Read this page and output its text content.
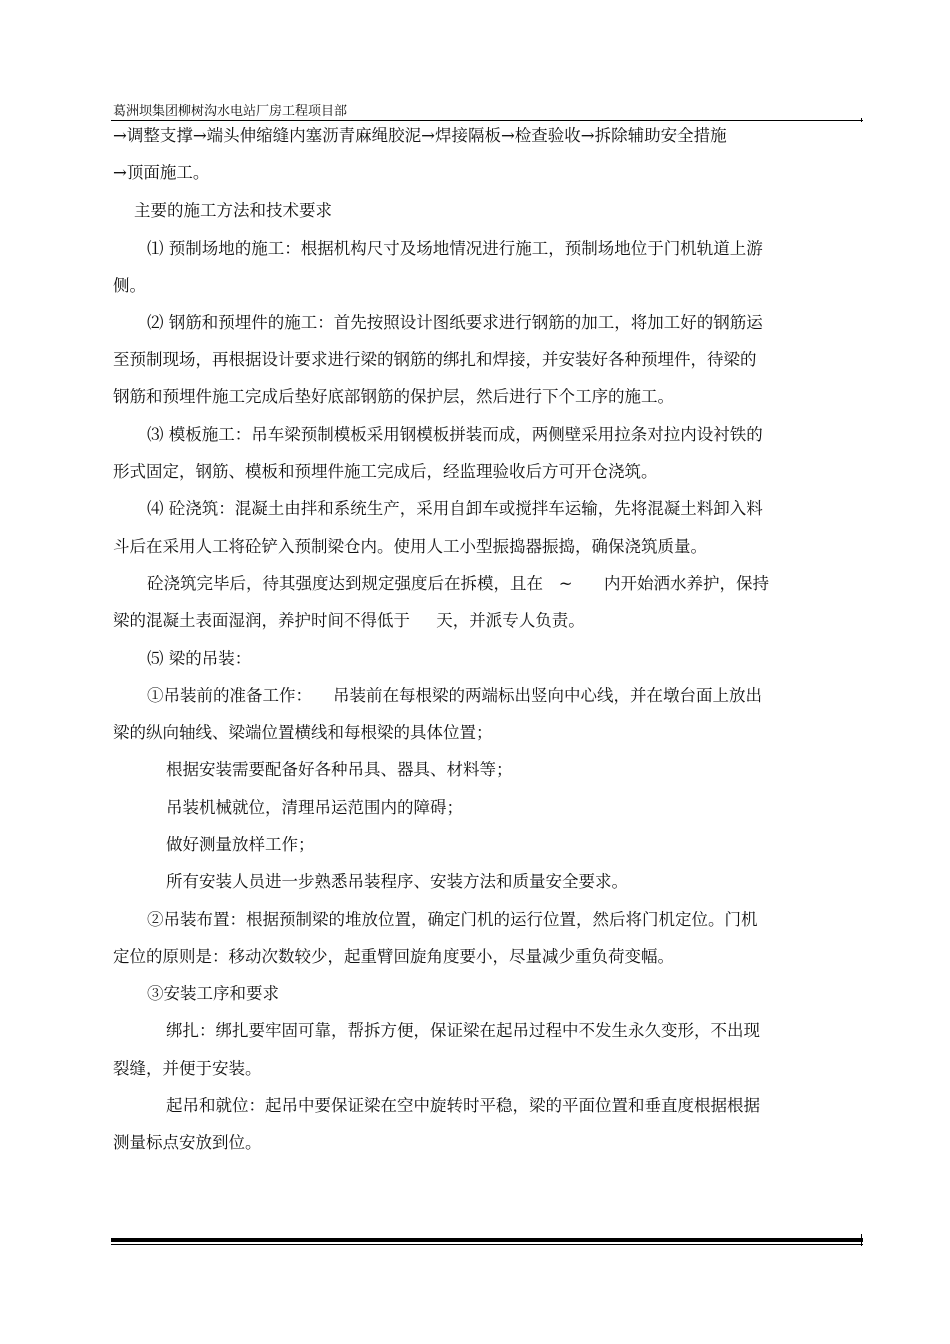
葛洲坝集团柳树沟水电站厂房工程项目部
→调整支撑→端头伸缩缝内塞沥青麻绳胶泥→焊接隔板→检查验收→拆除辅助安全措施
→顶面施工。
主要的施工方法和技术要求
⑴ 预制场地的施工：根据机构尺寸及场地情况进行施工，预制场地位于门机轨道上游
侧。
⑵ 钢筋和预埋件的施工：首先按照设计图纸要求进行钢筋的加工，将加工好的钢筋运
至预制现场，再根据设计要求进行梁的钢筋的绑扎和焊接，并安装好各种预埋件，待梁的
钢筋和预埋件施工完成后垫好底部钢筋的保护层，然后进行下个工序的施工。
⑶ 模板施工：吊车梁预制模板采用钢模板拼装而成，两侧壁采用拉条对拉内设衬铁的
形式固定，钢筋、模板和预埋件施工完成后，经监理验收后方可开仓浇筑。
⑷ 砼浇筑：混凝土由拌和系统生产，采用自卸车或搅拌车运输，先将混凝土料卸入料
斗后在采用人工将砼铲入预制梁仓内。使用人工小型振捣器振捣，确保浇筑质量。
砼浇筑完毕后，待其强度达到规定强度后在拆模，且在   ~      内开始洒水养护，保持
梁的混凝土表面湿润，养护时间不得低于     天，并派专人负责。
⑸ 梁的吊装：
①吊装前的准备工作：    吊装前在每根梁的两端标出竖向中心线，并在墩台面上放出
梁的纵向轴线、梁端位置横线和每根梁的具体位置；
根据安装需要配备好各种吊具、器具、材料等；
吊装机械就位，清理吊运范围内的障碍；
做好测量放样工作；
所有安装人员进一步熟悉吊装程序、安装方法和质量安全要求。
②吊装布置：根据预制梁的堆放位置，确定门机的运行位置，然后将门机定位。门机
定位的原则是：移动次数较少，起重臂回旋角度要小，尽量减少重负荷变幅。
③安装工序和要求
绑扎：绑扎要牢固可靠，帮拆方便，保证梁在起吊过程中不发生永久变形，不出现
裂缝，并便于安装。
起吊和就位：起吊中要保证梁在空中旋转时平稳，梁的平面位置和垂直度根据根据
测量标点安放到位。
